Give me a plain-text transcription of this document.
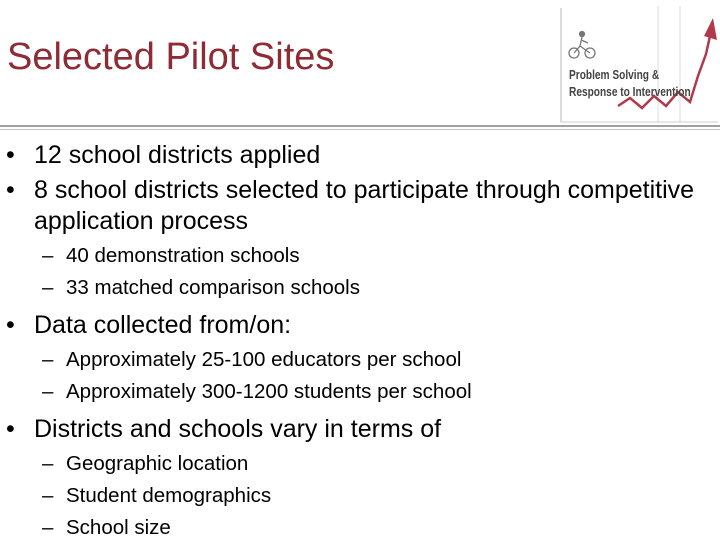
Selected Pilot Sites	Problem Solving &
Response to Intervention
• 12 school districts applied
• 8 school districts selected to participate through competitive application process
– 40 demonstration schools
– 33 matched comparison schools
• Data collected from/on:
– Approximately 25-100 educators per school
– Approximately 300-1200 students per school
• Districts and schools vary in terms of
– Geographic location
– Student demographics
– School size
